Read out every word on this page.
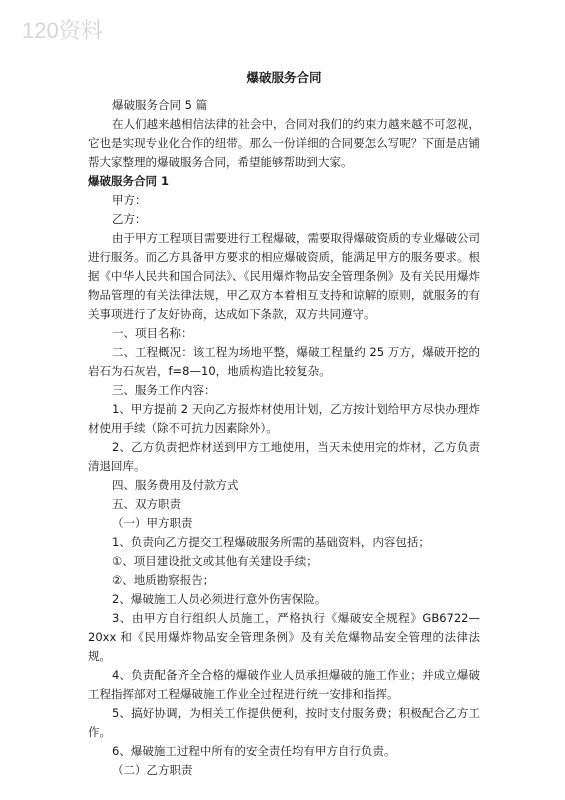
120资料
爆破服务合同

爆破服务合同 5 篇

在人们越来越相信法律的社会中，合同对我们的约束力越来越不可忽视，它也是实现专业化合作的纽带。那么一份详细的合同要怎么写呢？下面是店铺帮大家整理的爆破服务合同，希望能够帮助到大家。

爆破服务合同 1

甲方：

乙方：

由于甲方工程项目需要进行工程爆破，需要取得爆破资质的专业爆破公司进行服务。而乙方具备甲方要求的相应爆破资质，能满足甲方的服务要求。根据《中华人民共和国合同法》、《民用爆炸物品安全管理条例》及有关民用爆炸物品管理的有关法律法规，甲乙双方本着相互支持和谅解的原则，就服务的有关事项进行了友好协商，达成如下条款，双方共同遵守。

一、项目名称：

二、工程概况：该工程为场地平整，爆破工程量约 25 万方，爆破开挖的岩石为石灰岩，f=8—10，地质构造比较复杂。

三、服务工作内容：

1、甲方提前 2 天向乙方报炸材使用计划，乙方按计划给甲方尽快办理炸材使用手续（除不可抗力因素除外）。

2、乙方负责把炸材送到甲方工地使用，当天未使用完的炸材，乙方负责清退回库。

四、服务费用及付款方式

五、双方职责

（一）甲方职责

1、负责向乙方提交工程爆破服务所需的基础资料，内容包括；

①、项目建设批文或其他有关建设手续；

②、地质勘察报告；

2、爆破施工人员必须进行意外伤害保险。

3、由甲方自行组织人员施工，严格执行《爆破安全规程》GB6722—20xx 和《民用爆炸物品安全管理条例》及有关危爆物品安全管理的法律法规。

4、负责配备齐全合格的爆破作业人员承担爆破的施工作业；并成立爆破工程指挥部对工程爆破施工作业全过程进行统一安排和指挥。

5、搞好协调，为相关工作提供便利，按时支付服务费；积极配合乙方工作。

6、爆破施工过程中所有的安全责任均有甲方自行负责。

（二）乙方职责
